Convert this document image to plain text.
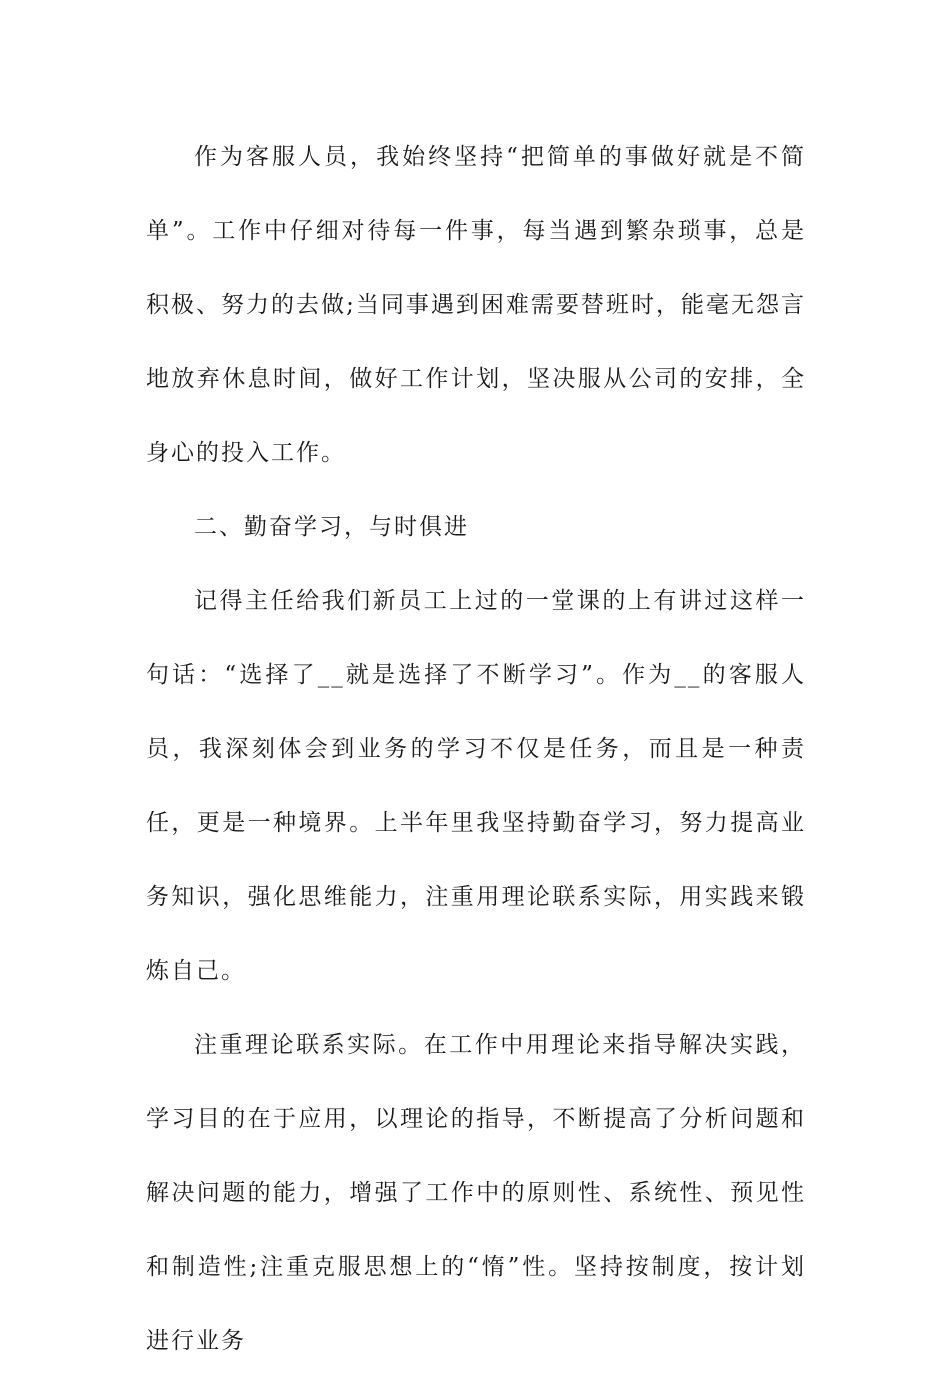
作为客服人员，我始终坚持“把简单的事做好就是不简单”。工作中仔细对待每一件事，每当遇到繁杂琐事，总是积极、努力的去做;当同事遇到困难需要替班时，能毫无怨言地放弃休息时间，做好工作计划，坚决服从公司的安排，全身心的投入工作。

二、勤奋学习，与时俱进

记得主任给我们新员工上过的一堂课的上有讲过这样一句话：“选择了__就是选择了不断学习”。作为__的客服人员，我深刻体会到业务的学习不仅是任务，而且是一种责任，更是一种境界。上半年里我坚持勤奋学习，努力提高业务知识，强化思维能力，注重用理论联系实际，用实践来锻炼自己。

注重理论联系实际。在工作中用理论来指导解决实践，学习目的在于应用，以理论的指导，不断提高了分析问题和解决问题的能力，增强了工作中的原则性、系统性、预见性和制造性;注重克服思想上的“惰”性。坚持按制度，按计划进行业务
